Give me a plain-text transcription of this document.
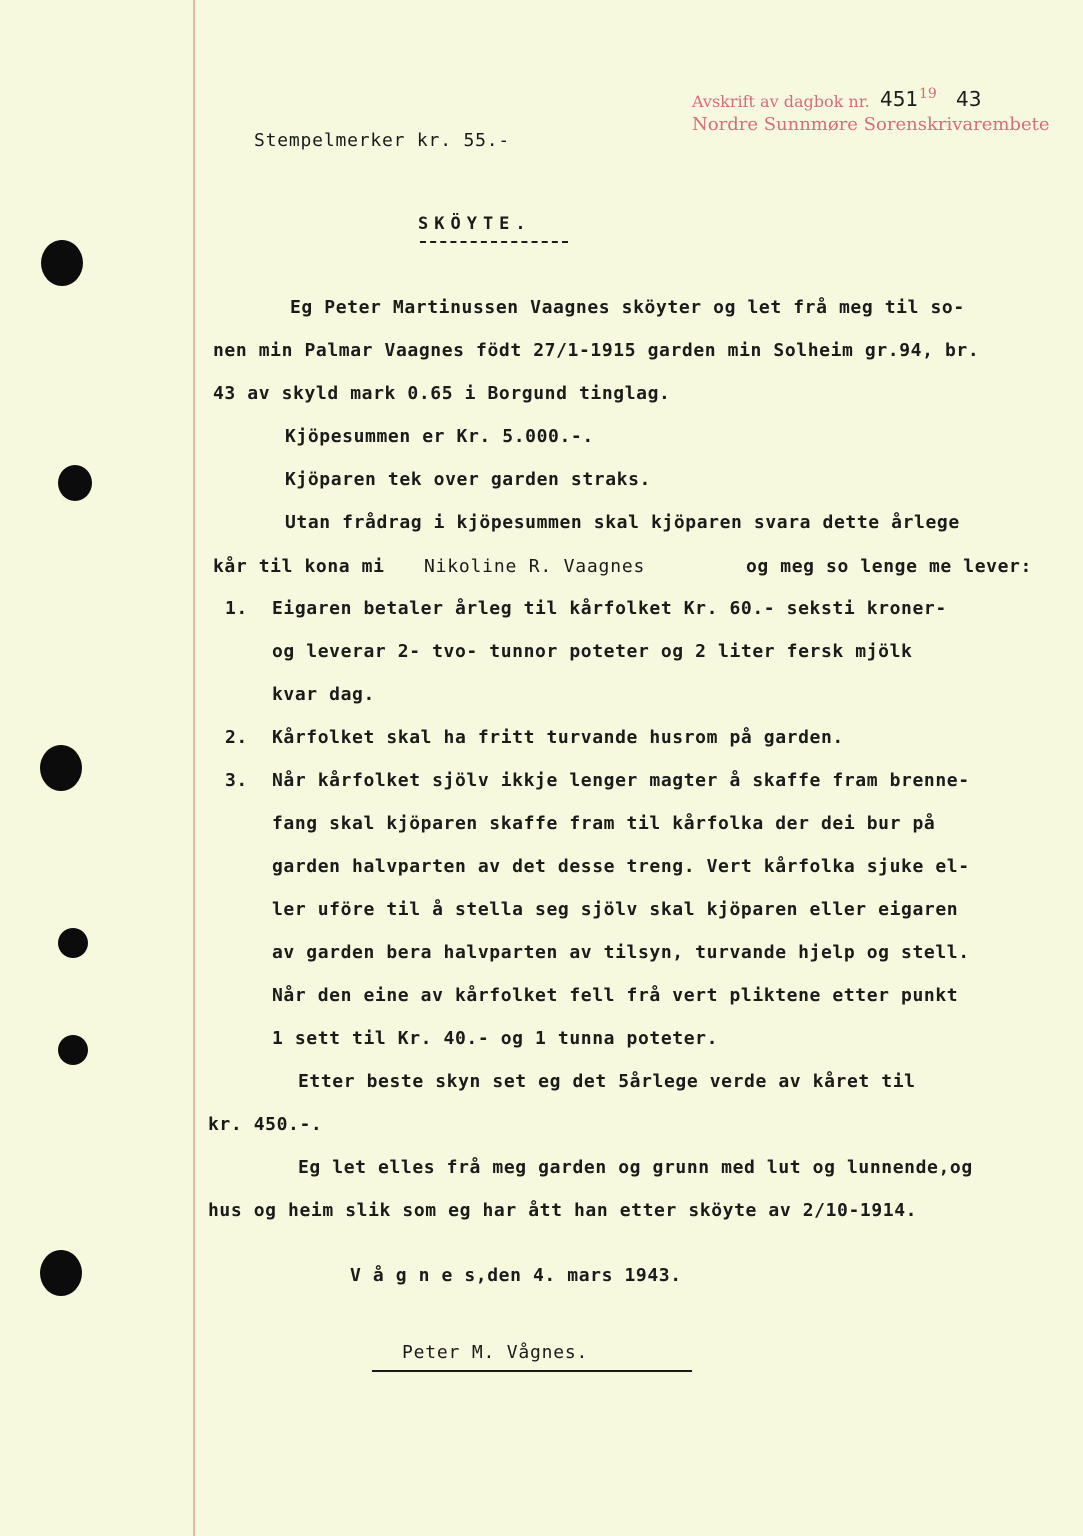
Avskrift av dagbok nr. 451 19 43
Nordre Sunnmøre Sorenskrivarembete
Stempelmerker kr. 55.-
SKÖYTE.
Eg Peter Martinussen Vaagnes sköyter og let frå meg til so-
nen min Palmar Vaagnes födt 27/1-1915 garden min Solheim gr.94, br.
43 av skyld mark 0.65 i Borgund tinglag.
Kjöpesummen er Kr. 5.000.-.
Kjöparen tek over garden straks.
Utan frådrag i kjöpesummen skal kjöparen svara dette årlege
kår til kona mi Nikoline R. Vaagnes	og meg so lenge me lever:
1. Eigaren betaler årleg til kårfolket Kr. 60.- seksti kroner-
og leverar 2- tvo- tunnor poteter og 2 liter fersk mjölk
kvar dag.
2. Kårfolket skal ha fritt turvande husrom på garden.
3. Når kårfolket sjölv ikkje lenger magter å skaffe fram brenne-
fang skal kjöparen skaffe fram til kårfolka der dei bur på
garden halvparten av det desse treng. Vert kårfolka sjuke el-
ler uföre til å stella seg sjölv skal kjöparen eller eigaren
av garden bera halvparten av tilsyn, turvande hjelp og stell.
Når den eine av kårfolket fell frå vert pliktene etter punkt
1 sett til Kr. 40.- og 1 tunna poteter.
Etter beste skyn set eg det 5årlege verde av kåret til
kr. 450.-.
Eg let elles frå meg garden og grunn med lut og lunnende,og
hus og heim slik som eg har ått han etter sköyte av 2/10-1914.
V å g n e s,den 4. mars 1943.
Peter M. Vågnes.
